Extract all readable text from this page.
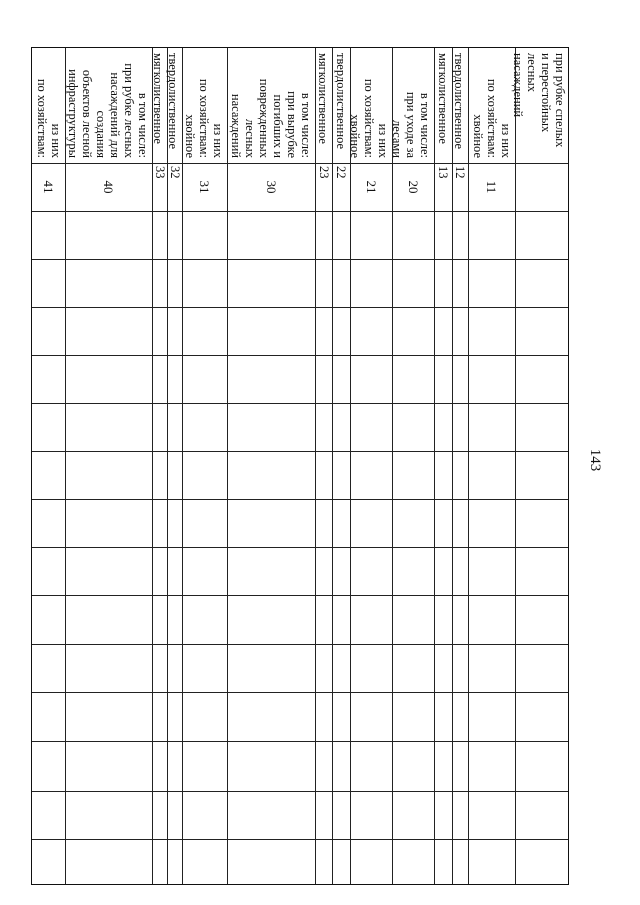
143
при рубке спелых
и перестойных
лесных
насаждений
из них
по хозяйствам:
хвойное
11
твердолиственное
12
мягколиственное
13
в том числе:
при уходе за
лесами
20
из них
по хозяйствам:
хвойное
21
твердолиственное
22
мягколиственное
23
в том числе:
при вырубке
погибших и
поврежденных
лесных
насаждений
30
из них
по хозяйствам:
хвойное
31
твердолиственное
32
мягколиственное
33
в том числе:
при рубке лесных
насаждений для
создания
объектов лесной
инфраструктуры
40
из них
по хозяйствам:
41
